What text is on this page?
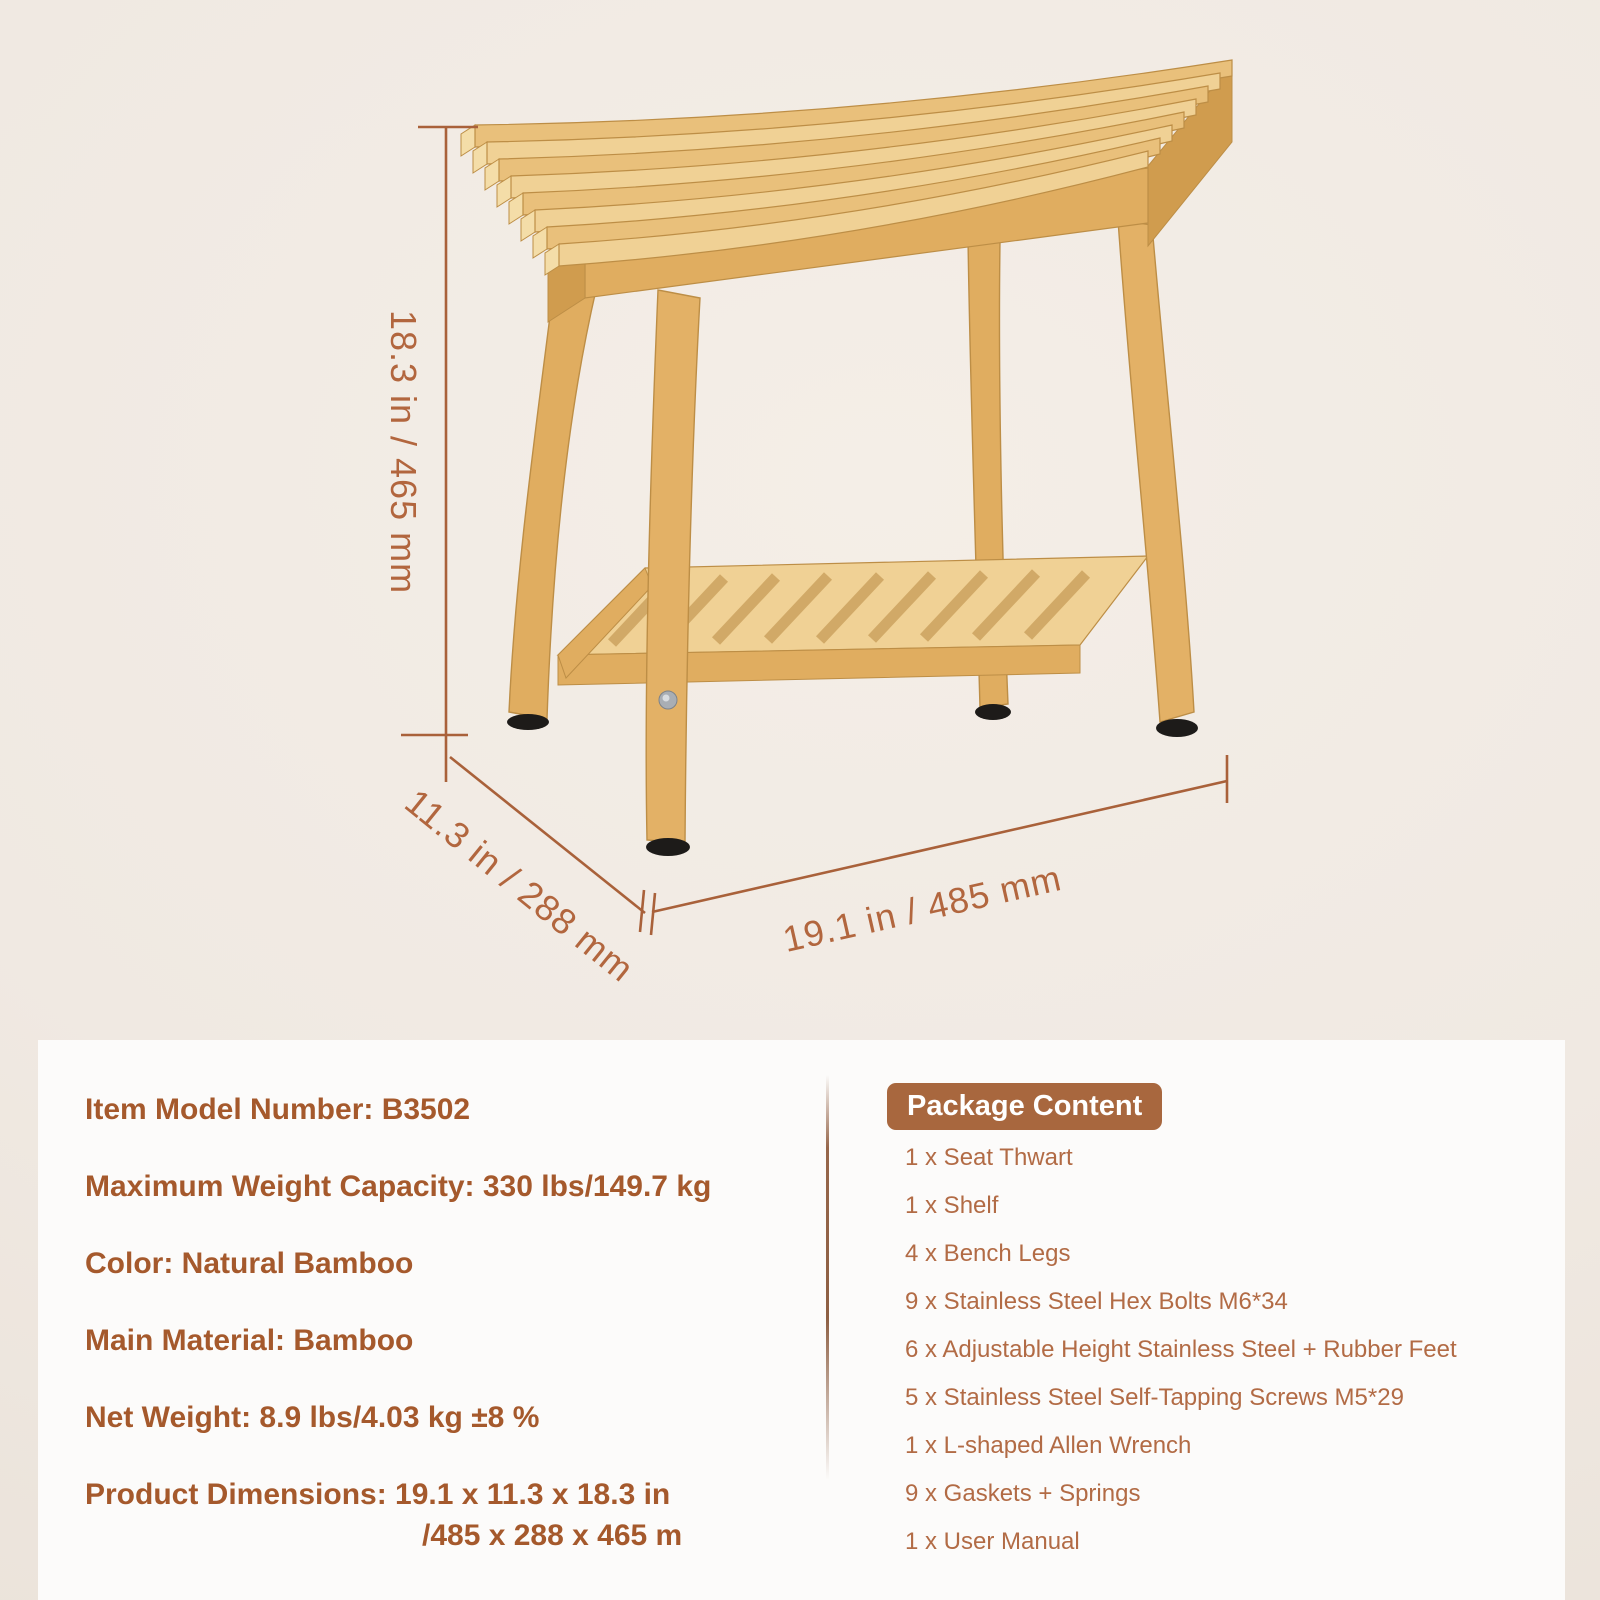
18.3 in / 465 mm
11.3 in / 288 mm	19.1 in / 485 mm
Item Model Number: B3502
Maximum Weight Capacity: 330 lbs/149.7 kg
Color: Natural Bamboo
Main Material: Bamboo
Net Weight: 8.9 lbs/4.03 kg ±8 %
Product Dimensions: 19.1 x 11.3 x 18.3 in
/485 x 288 x 465 m
Package Content
1 x Seat Thwart
1 x Shelf
4 x Bench Legs
9 x Stainless Steel Hex Bolts M6*34
6 x Adjustable Height Stainless Steel + Rubber Feet
5 x Stainless Steel Self-Tapping Screws M5*29
1 x L-shaped Allen Wrench
9 x Gaskets + Springs
1 x User Manual
